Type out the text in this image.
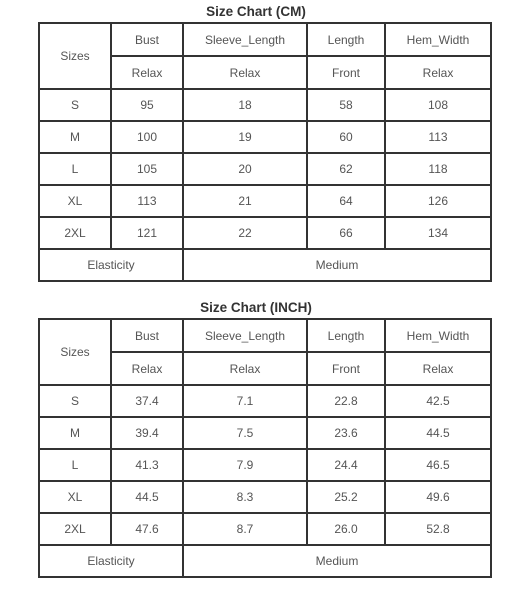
Size Chart (CM)
Sizes	Bust	Sleeve_Length	Length	Hem_Width
	Relax	Relax	Front	Relax
S	95	18	58	108
M	100	19	60	113
L	105	20	62	118
XL	113	21	64	126
2XL	121	22	66	134
Elasticity		Medium		
Size Chart (INCH)
Sizes	Bust	Sleeve_Length	Length	Hem_Width
	Relax	Relax	Front	Relax
S	37.4	7.1	22.8	42.5
M	39.4	7.5	23.6	44.5
L	41.3	7.9	24.4	46.5
XL	44.5	8.3	25.2	49.6
2XL	47.6	8.7	26.0	52.8
Elasticity		Medium		
